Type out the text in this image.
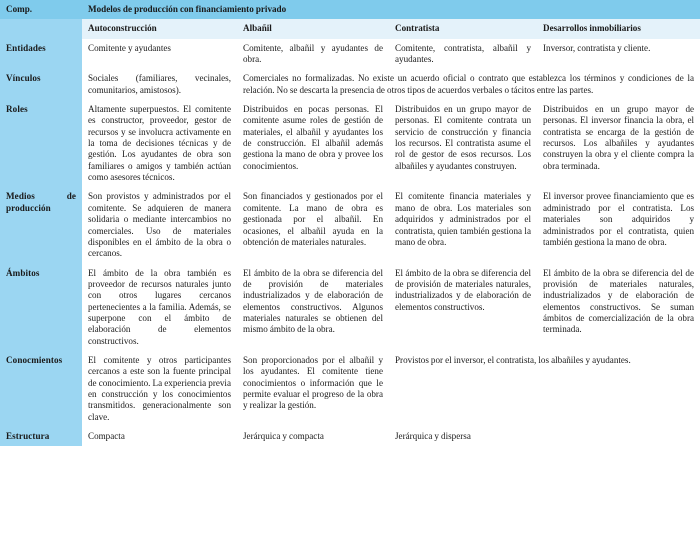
Comp.	Modelos de producción con financiamiento privado			
	Autoconstrucción	Albañil	Contratista	Desarrollos inmobiliarios
Entidades	Comitente y ayudantes	Comitente, albañil y ayudantes de obra.	Comitente, contratista, albañil y ayudantes.	Inversor, contratista y cliente.
Vínculos	Sociales (familiares, vecinales, comunitarios, amistosos).	Comerciales no formalizadas. No existe un acuerdo oficial o contrato que establezca los términos y condiciones de la relación. No se descarta la presencia de otros tipos de acuerdos verbales o tácitos entre las partes.		
Roles	Altamente superpuestos. El comitente es constructor, proveedor, gestor de recursos y se involucra activamente en la toma de decisiones técnicas y de gestión. Los ayudantes de obra son familiares o amigos y también actúan como asesores técnicos.	Distribuidos en pocas personas. El comitente asume roles de gestión de materiales, el albañil y ayudantes los de construcción. El albañil además gestiona la mano de obra y provee los conocimientos.	Distribuidos en un grupo mayor de personas. El comitente contrata un servicio de construcción y financia los recursos. El contratista asume el rol de gestor de esos recursos. Los albañiles y ayudantes construyen.	Distribuidos en un grupo mayor de personas. El inversor financia la obra, el contratista se encarga de la gestión de recursos. Los albañiles y ayudantes construyen la obra y el cliente compra la obra terminada.
Medios de producción	Son provistos y administrados por el comitente. Se adquieren de manera solidaria o mediante intercambios no comerciales. Uso de materiales disponibles en el ámbito de la obra o cercanos.	Son financiados y gestionados por el comitente. La mano de obra es gestionada por el albañil. En ocasiones, el albañil ayuda en la obtención de materiales naturales.	El comitente financia materiales y mano de obra. Los materiales son adquiridos y administrados por el contratista, quien también gestiona la mano de obra.	El inversor provee financiamiento que es administrado por el contratista. Los materiales son adquiridos y administrados por el contratista, quien también gestiona la mano de obra.
Ámbitos	El ámbito de la obra también es proveedor de recursos naturales junto con otros lugares cercanos pertenecientes a la familia. Además, se superpone con el ámbito de elaboración de elementos constructivos.	El ámbito de la obra se diferencia del de provisión de materiales industrializados y de elaboración de elementos constructivos. Algunos materiales naturales se obtienen del mismo ámbito de la obra.	El ámbito de la obra se diferencia del de provisión de materiales naturales, industrializados y de elaboración de elementos constructivos.	El ámbito de la obra se diferencia del de provisión de materiales naturales, industrializados y de elaboración de elementos constructivos. Se suman ámbitos de comercialización de la obra terminada.
Conocmientos	El comitente y otros participantes cercanos a este son la fuente principal de conocimiento. La experiencia previa en construcción y los conocimientos transmitidos. generacionalmente son clave.	Son proporcionados por el albañil y los ayudantes. El comitente tiene conocimientos o información que le permite evaluar el progreso de la obra y realizar la gestión.	Provistos por el inversor, el contratista, los albañiles y ayudantes.	
Estructura	Compacta	Jerárquica y compacta	Jerárquica y dispersa	
